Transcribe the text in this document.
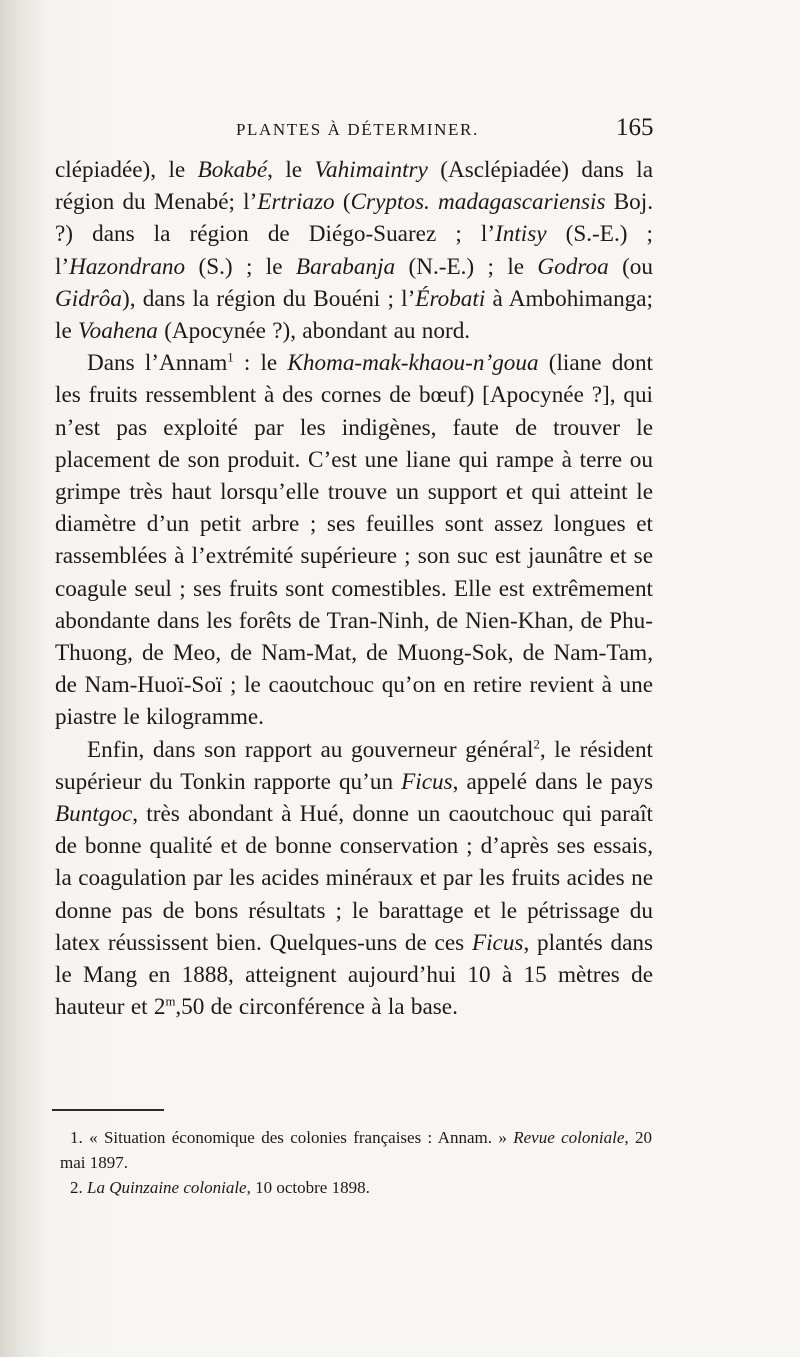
PLANTES À DÉTERMINER.	165

clépiadée), le Bokabé, le Vahimaintry (Asclépiadée) dans la région du Menabé; l’Ertriazo (Cryptos. madagascariensis Boj. ?) dans la région de Diégo-Suarez ; l’Intisy (S.-E.) ; l’Hazondrano (S.) ; le Barabanja (N.-E.) ; le Godroa (ou Gidrôa), dans la région du Bouéni ; l’Érobati à Ambohimanga; le Voahena (Apocynée ?), abondant au nord.

Dans l’Annam$^1$ : le Khoma-mak-khaou-n’goua (liane dont les fruits ressemblent à des cornes de bœuf) [Apocynée ?], qui n’est pas exploité par les indigènes, faute de trouver le placement de son produit. C’est une liane qui rampe à terre ou grimpe très haut lorsqu’elle trouve un support et qui atteint le diamètre d’un petit arbre ; ses feuilles sont assez longues et rassemblées à l’extrémité supérieure ; son suc est jaunâtre et se coagule seul ; ses fruits sont comestibles. Elle est extrêmement abondante dans les forêts de Tran-Ninh, de Nien-Khan, de Phu-Thuong, de Meo, de Nam-Mat, de Muong-Sok, de Nam-Tam, de Nam-Huoï-Soï ; le caoutchouc qu’on en retire revient à une piastre le kilogramme.

Enfin, dans son rapport au gouverneur général$^2$, le résident supérieur du Tonkin rapporte qu’un Ficus, appelé dans le pays Buntgoc, très abondant à Hué, donne un caoutchouc qui paraît de bonne qualité et de bonne conservation ; d’après ses essais, la coagulation par les acides minéraux et par les fruits acides ne donne pas de bons résultats ; le barattage et le pétrissage du latex réussissent bien. Quelques-uns de ces Ficus, plantés dans le Mang en 1888, atteignent aujourd’hui 10 à 15 mètres de hauteur et 2$^m$,50 de circonférence à la base.

1. « Situation économique des colonies françaises : Annam. » Revue coloniale, 20 mai 1897.

2. La Quinzaine coloniale, 10 octobre 1898.
